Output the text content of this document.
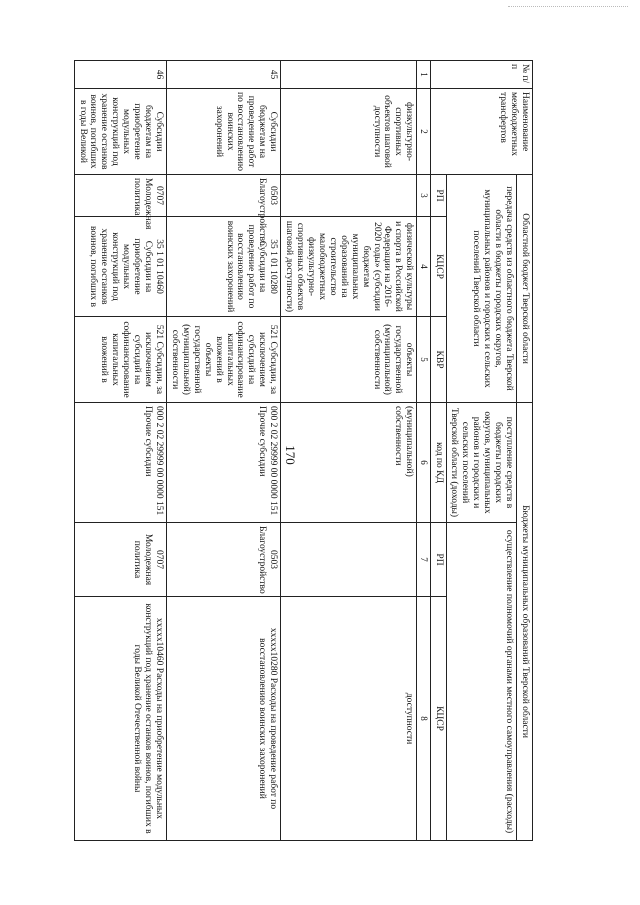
170
№ п/п	Наименование межбюджетных трансфертов	Областной бюджет Тверской области			Бюджеты муниципальных образований Тверской области		
		передача средств из областного бюджета Тверской области в бюджеты городских округов, муниципальных районов и городских и сельских поселений Тверской области			поступление средств в бюджеты городских округов, муниципальных районов и городских и сельских поселений Тверской области (доходы)	осуществление полномочий органами местного самоуправления (расходы)	
		РП	КЦСР	КВР	код по КД	РП	КЦСР
1	2	3	4	5	6	7	8
	физкультурно-спортивных объектов шаговой доступности		физической культуры и спорта в Российской Федерации на 2016-2020 годы» (субсидии бюджетам муниципальных образований на строительство малобюджетных физкультурно-спортивных объектов шаговой доступности)	объекты государственной (муниципальной) собственности	(муниципальной) собственности		доступности
45	Субсидии бюджетам на проведение работ по восстановлению воинских захоронений	0503 Благоустройство	35 1 01 10280 Субсидии на проведение работ по восстановлению воинских захоронений	521 Субсидии, за исключением субсидий на софинансирование капитальных вложений в объекты государственной (муниципальной) собственности	000 2 02 29999 00 0000 151 Прочие субсидии	0503 Благоустройство	хххxx10280 Расходы на проведение работ по восстановлению воинских захоронений
46	Субсидии бюджетам на приобретение модульных конструкций под хранение останков воинов, погибших в годы Великой	0707 Молодежная политика	35 1 01 10460 Субсидии на приобретение модульных конструкций под хранение останков воинов, погибших в	521 Субсидии, за исключением субсидий на софинансирование капитальных вложений в	000 2 02 29999 00 0000 151 Прочие субсидии	0707 Молодежная политика	хххxx10460 Расходы на приобретение модульных конструкций под хранение останков воинов, погибших в годы Великой Отечественной войны
